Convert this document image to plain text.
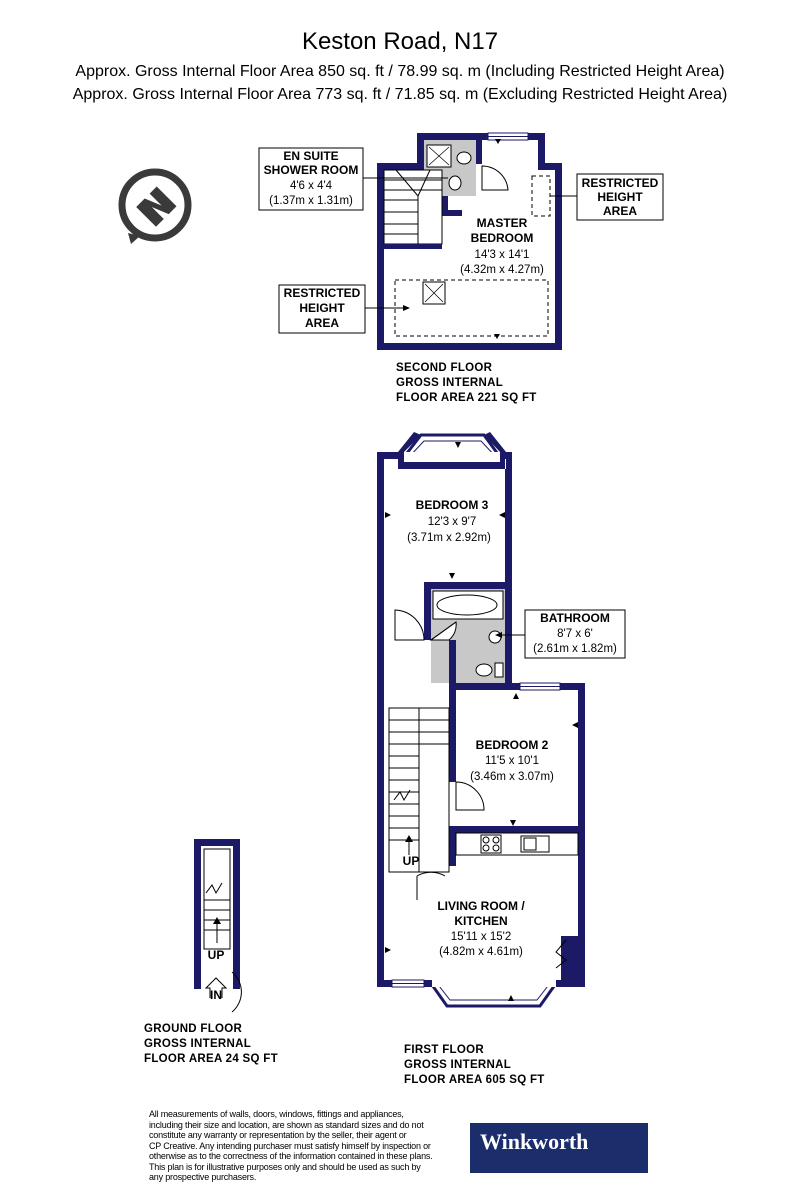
Keston Road, N17
Approx. Gross Internal Floor Area 850 sq. ft / 78.99 sq. m (Including Restricted Height Area)
Approx. Gross Internal Floor Area 773 sq. ft / 71.85 sq. m (Excluding Restricted Height Area)
EN SUITE
SHOWER ROOM
4'6 x 4'4
(1.37m x 1.31m)
RESTRICTED
HEIGHT
AREA
RESTRICTED
HEIGHT
AREA
MASTER
BEDROOM
14'3 x 14'1
(4.32m x 4.27m)
SECOND FLOOR
GROSS INTERNAL
FLOOR AREA 221 SQ FT
BEDROOM 3
12'3 x 9'7
(3.71m x 2.92m)
BATHROOM
8'7 x 6'
(2.61m x 1.82m)
BEDROOM 2
11'5 x 10'1
(3.46m x 3.07m)
LIVING ROOM /
KITCHEN
15'11 x 15'2
(4.82m x 4.61m)
UP
FIRST FLOOR
GROSS INTERNAL
FLOOR AREA 605 SQ FT
UP
IN
GROUND FLOOR
GROSS INTERNAL
FLOOR AREA 24 SQ FT
All measurements of walls, doors, windows, fittings and appliances,
including their size and location, are shown as standard sizes and do not
constitute any warranty or representation by the seller, their agent or
CP Creative. Any intending purchaser must satisfy himself by inspection or
otherwise as to the correctness of the information contained in these plans.
This plan is for illustrative purposes only and should be used as such by
any prospective purchasers.
Winkworth
